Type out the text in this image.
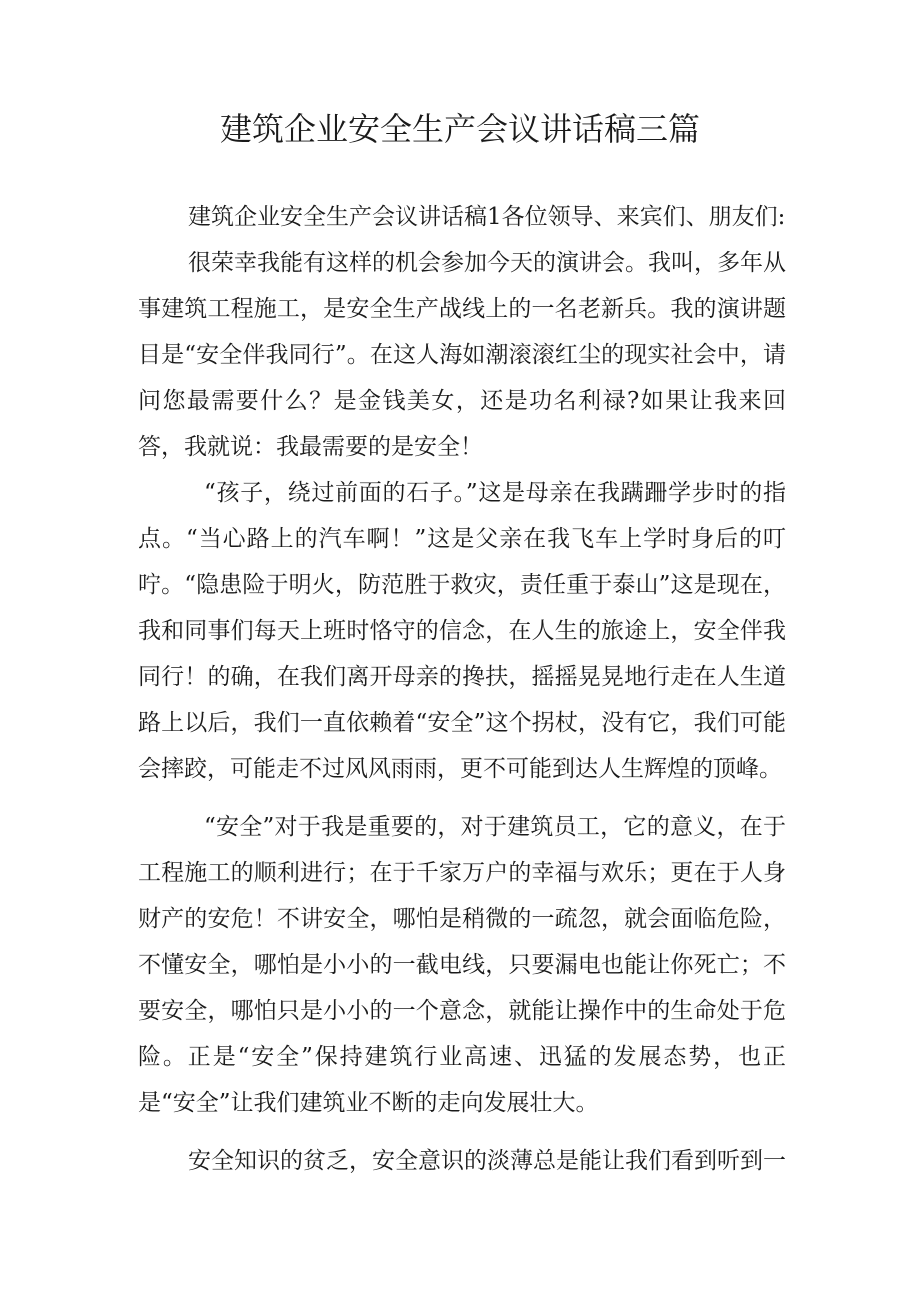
建筑企业安全生产会议讲话稿三篇

建筑企业安全生产会议讲话稿1各位领导、来宾们、朋友们:

很荣幸我能有这样的机会参加今天的演讲会。我叫，多年从事建筑工程施工，是安全生产战线上的一名老新兵。我的演讲题目是“安全伴我同行”。在这人海如潮滚滚红尘的现实社会中，请问您最需要什么？是金钱美女，还是功名利禄?如果让我来回答，我就说：我最需要的是安全！

“孩子，绕过前面的石子。”这是母亲在我蹒跚学步时的指点。“当心路上的汽车啊！”这是父亲在我飞车上学时身后的叮咛。“隐患险于明火，防范胜于救灾，责任重于泰山”这是现在，我和同事们每天上班时恪守的信念，在人生的旅途上，安全伴我同行！的确，在我们离开母亲的搀扶，摇摇晃晃地行走在人生道路上以后，我们一直依赖着“安全”这个拐杖，没有它，我们可能会摔跤，可能走不过风风雨雨，更不可能到达人生辉煌的顶峰。

“安全”对于我是重要的，对于建筑员工，它的意义，在于工程施工的顺利进行；在于千家万户的幸福与欢乐；更在于人身财产的安危！不讲安全，哪怕是稍微的一疏忽，就会面临危险，不懂安全，哪怕是小小的一截电线，只要漏电也能让你死亡；不要安全，哪怕只是小小的一个意念，就能让操作中的生命处于危险。正是“安全”保持建筑行业高速、迅猛的发展态势，也正是“安全”让我们建筑业不断的走向发展壮大。

安全知识的贫乏，安全意识的淡薄总是能让我们看到听到一
